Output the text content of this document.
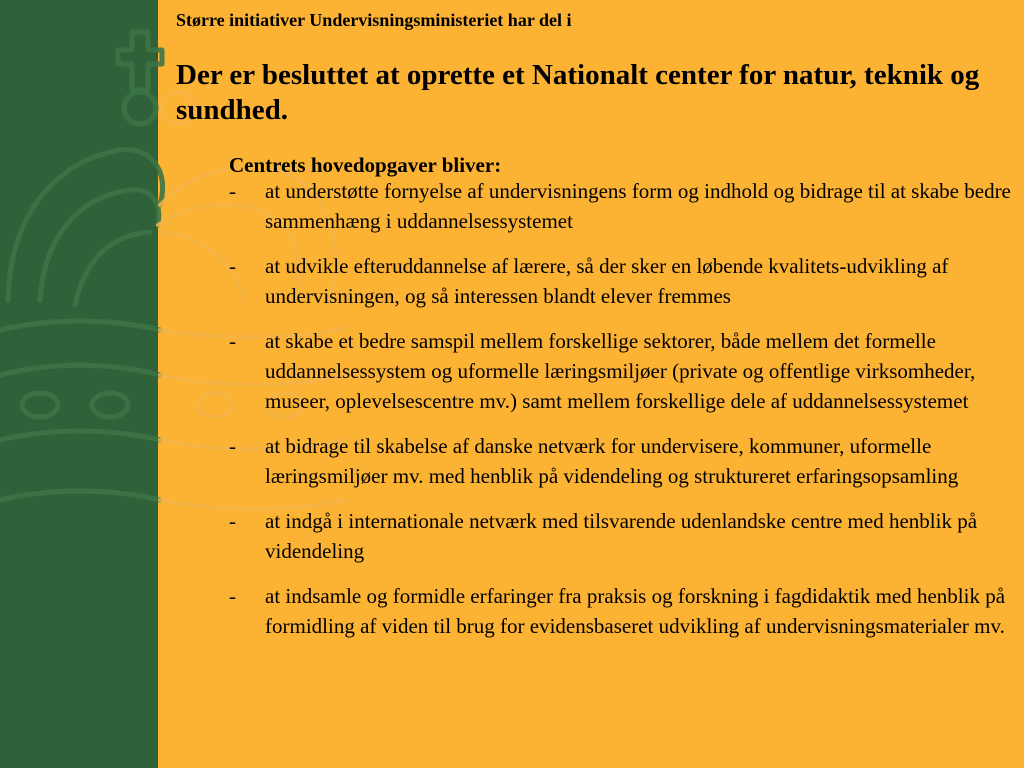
Større initiativer Undervisningsministeriet har del i
Der er besluttet at oprette et Nationalt center for natur, teknik og sundhed.

Centrets hovedopgaver bliver:

- at understøtte fornyelse af undervisningens form og indhold og bidrage til at skabe bedre sammenhæng i uddannelsessystemet
- at udvikle efteruddannelse af lærere, så der sker en løbende kvalitets-udvikling af undervisningen, og så interessen blandt elever fremmes
- at skabe et bedre samspil mellem forskellige sektorer, både mellem det formelle uddannelsessystem og uformelle læringsmiljøer (private og offentlige virksomheder, museer, oplevelsescentre mv.) samt mellem forskellige dele af uddannelsessystemet
- at bidrage til skabelse af danske netværk for undervisere, kommuner, uformelle læringsmiljøer mv. med henblik på videndeling og struktureret erfaringsopsamling
- at indgå i internationale netværk med tilsvarende udenlandske centre med henblik på videndeling
- at indsamle og formidle erfaringer fra praksis og forskning i fagdidaktik med henblik på formidling af viden til brug for evidensbaseret udvikling af undervisningsmaterialer mv.
